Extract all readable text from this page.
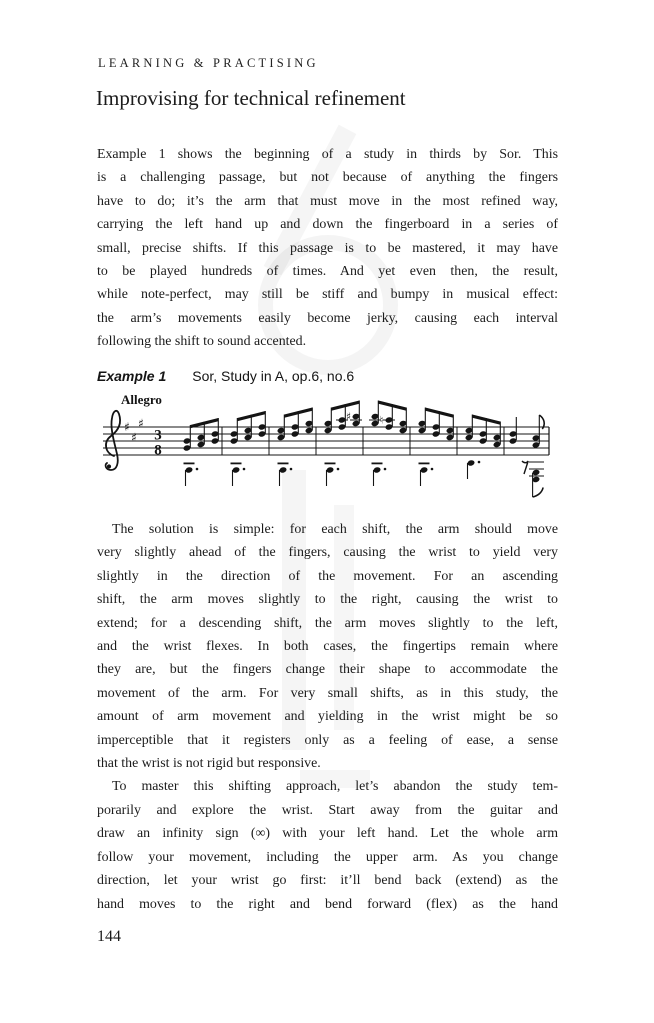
LEARNING & PRACTISING
Improvising for technical refinement
Example 1 shows the beginning of a study in thirds by Sor. This
is a challenging passage, but not because of anything the fingers
have to do; it’s the arm that must move in the most refined way,
carrying the left hand up and down the fingerboard in a series of
small, precise shifts. If this passage is to be mastered, it may have
to be played hundreds of times. And yet even then, the result,
while note-perfect, may still be stiff and bumpy in musical effect:
the arm’s movements easily become jerky, causing each interval
following the shift to sound accented.
Example 1 Sor, Study in A, op.6, no.6
Allegro
♯
♯
♯
3
8
♯	♮
The solution is simple: for each shift, the arm should move
very slightly ahead of the fingers, causing the wrist to yield very
slightly in the direction of the movement. For an ascending
shift, the arm moves slightly to the right, causing the wrist to
extend; for a descending shift, the arm moves slightly to the left,
and the wrist flexes. In both cases, the fingertips remain where
they are, but the fingers change their shape to accommodate the
movement of the arm. For very small shifts, as in this study, the
amount of arm movement and yielding in the wrist might be so
imperceptible that it registers only as a feeling of ease, a sense
that the wrist is not rigid but responsive.
To master this shifting approach, let’s abandon the study tem-
porarily and explore the wrist. Start away from the guitar and
draw an infinity sign (∞) with your left hand. Let the whole arm
follow your movement, including the upper arm. As you change
direction, let your wrist go first: it’ll bend back (extend) as the
hand moves to the right and bend forward (flex) as the hand
144
